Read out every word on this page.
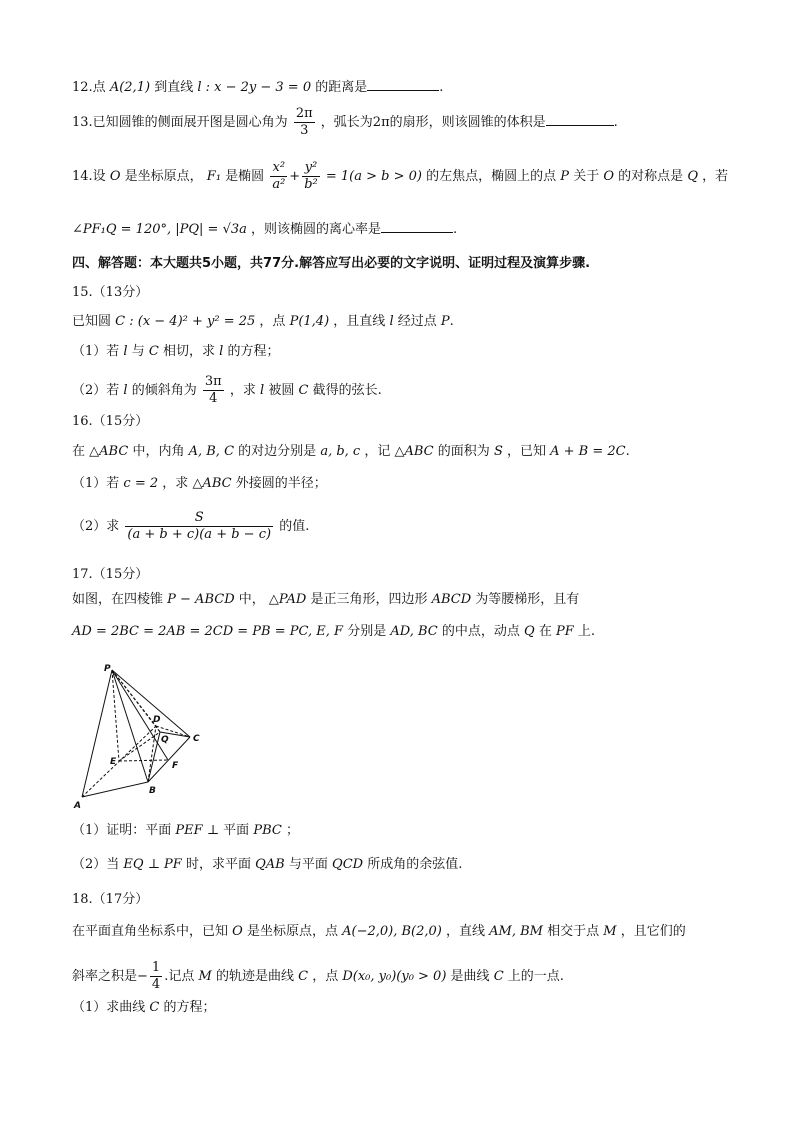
12.点 A(2,1) 到直线 l : x − 2y − 3 = 0 的距离是	.
13.已知圆锥的侧面展开图是圆心角为 $\frac{2\pi}{3}$ ，弧长为2π的扇形，则该圆锥的体积是	.
14.设 O 是坐标原点， F₁ 是椭圆 $\frac{\text{x²}}{\text{a²}} + \frac{\text{y²}}{\text{b²}} = 1(a > b > 0)$ 的左焦点，椭圆上的点 P 关于 O 的对称点是 Q ，若
∠PF₁Q = 120°, |PQ| = √3a ，则该椭圆的离心率是	.
四、解答题：本大题共5小题，共77分.解答应写出必要的文字说明、证明过程及演算步骤.
15.（13分）
已知圆 C : (x − 4)² + y² = 25 ，点 P(1,4) ，且直线 l 经过点 P.
（1）若 l 与 C 相切，求 l 的方程；
（2）若 l 的倾斜角为 $\frac{3\pi}{4}$ ，求 l 被圆 C 截得的弦长.
16.（15分）
在 △ABC 中，内角 A, B, C 的对边分别是 a, b, c ，记 △ABC 的面积为 S ，已知 A + B = 2C.
（1）若 c = 2 ，求 △ABC 外接圆的半径；
（2）求 $\frac{S}{(a + b + c)(a + b - c)}$ 的值.
17.（15分）
如图，在四棱锥 P − ABCD 中， △PAD 是正三角形，四边形 ABCD 为等腰梯形，且有
AD = 2BC = 2AB = 2CD = PB = PC, E, F 分别是 AD, BC 的中点，动点 Q 在 PF 上.
P
D
Q	C
E	F
A
B
（1）证明：平面 PEF ⊥ 平面 PBC ；
（2）当 EQ ⊥ PF 时，求平面 QAB 与平面 QCD 所成角的余弦值.
18.（17分）
在平面直角坐标系中，已知 O 是坐标原点，点 A(−2,0), B(2,0) ，直线 AM, BM 相交于点 M ，且它们的
斜率之积是− $\frac{1}{4}$ .记点 M 的轨迹是曲线 C ，点 D(x₀, y₀)(y₀ > 0) 是曲线 C 上的一点.
（1）求曲线 C 的方程；
